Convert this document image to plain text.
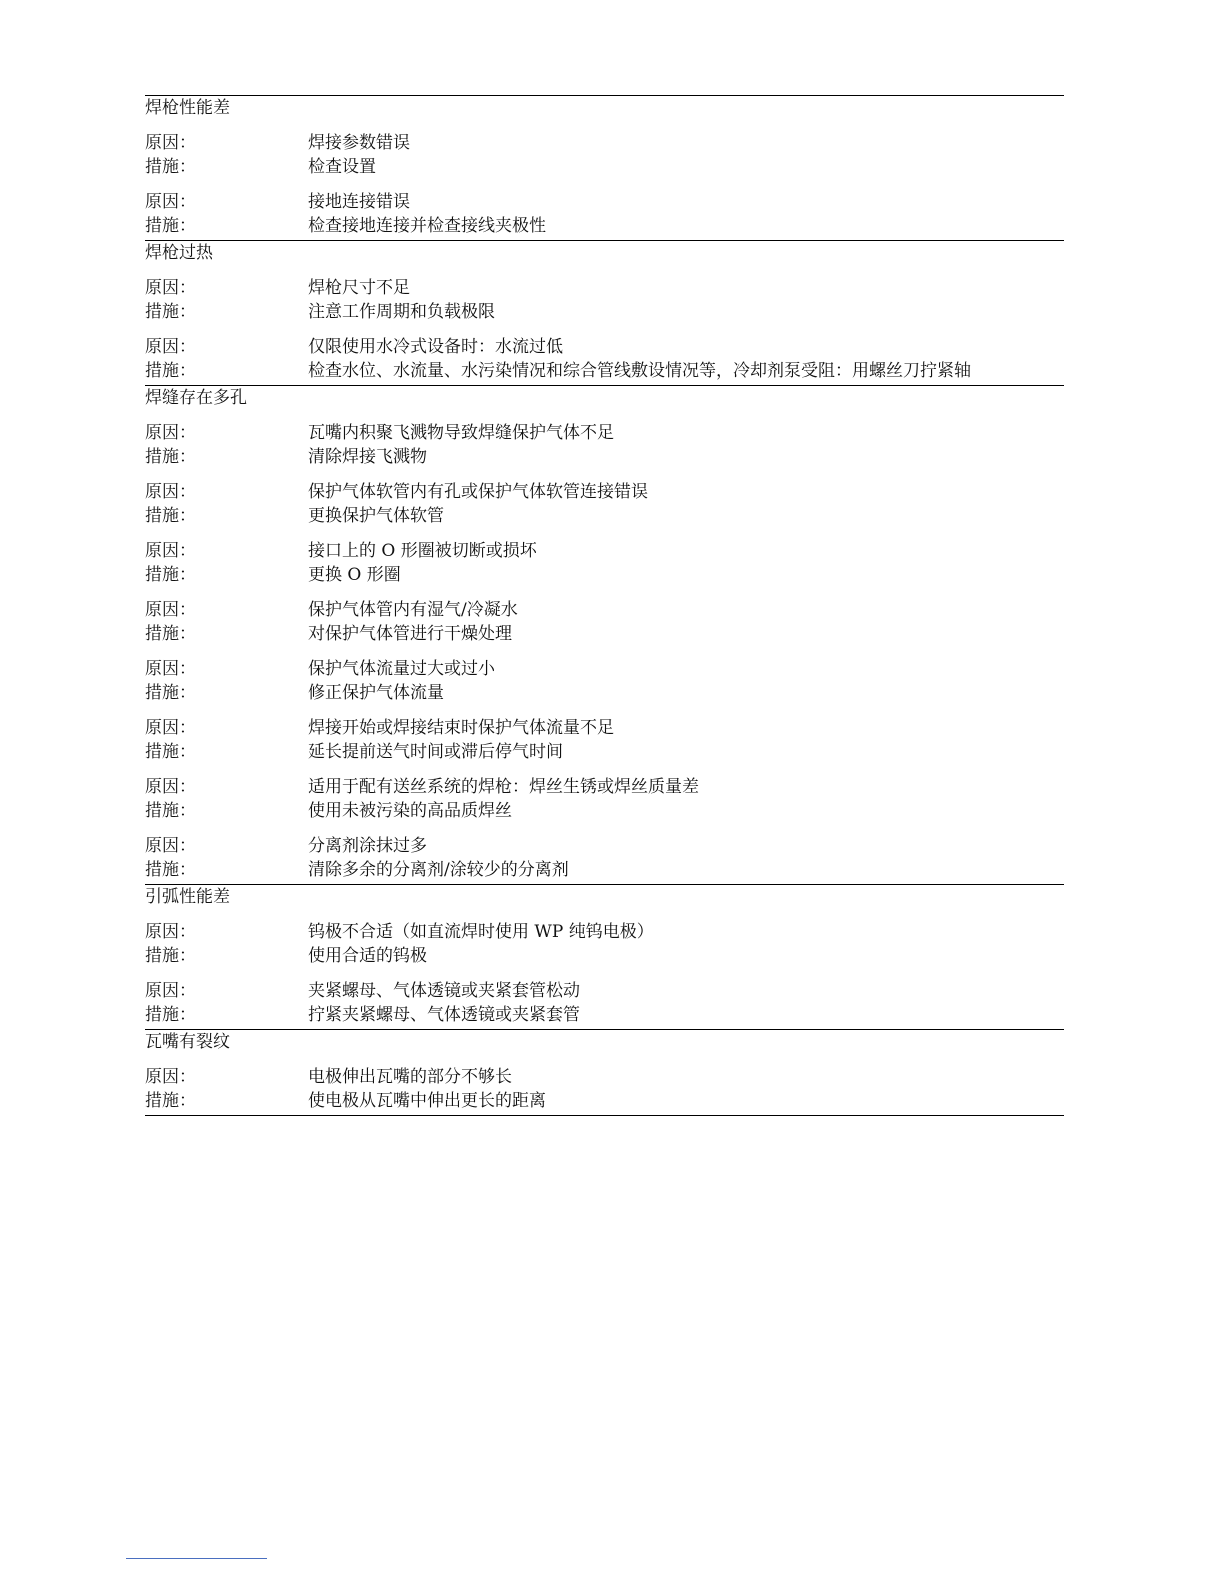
焊枪性能差
原因：	焊接参数错误
措施：	检查设置
原因：	接地连接错误
措施：	检查接地连接并检查接线夹极性
焊枪过热
原因：	焊枪尺寸不足
措施：	注意工作周期和负载极限
原因：	仅限使用水冷式设备时：水流过低
措施：	检查水位、水流量、水污染情况和综合管线敷设情况等，冷却剂泵受阻：用螺丝刀拧紧轴
焊缝存在多孔
原因：	瓦嘴内积聚飞溅物导致焊缝保护气体不足
措施：	清除焊接飞溅物
原因：	保护气体软管内有孔或保护气体软管连接错误
措施：	更换保护气体软管
原因：	接口上的 O 形圈被切断或损坏
措施：	更换 O 形圈
原因：	保护气体管内有湿气/冷凝水
措施：	对保护气体管进行干燥处理
原因：	保护气体流量过大或过小
措施：	修正保护气体流量
原因：	焊接开始或焊接结束时保护气体流量不足
措施：	延长提前送气时间或滞后停气时间
原因：	适用于配有送丝系统的焊枪：焊丝生锈或焊丝质量差
措施：	使用未被污染的高品质焊丝
原因：	分离剂涂抹过多
措施：	清除多余的分离剂/涂较少的分离剂
引弧性能差
原因：	钨极不合适（如直流焊时使用 WP 纯钨电极）
措施：	使用合适的钨极
原因：	夹紧螺母、气体透镜或夹紧套管松动
措施：	拧紧夹紧螺母、气体透镜或夹紧套管
瓦嘴有裂纹
原因：	电极伸出瓦嘴的部分不够长
措施：	使电极从瓦嘴中伸出更长的距离
